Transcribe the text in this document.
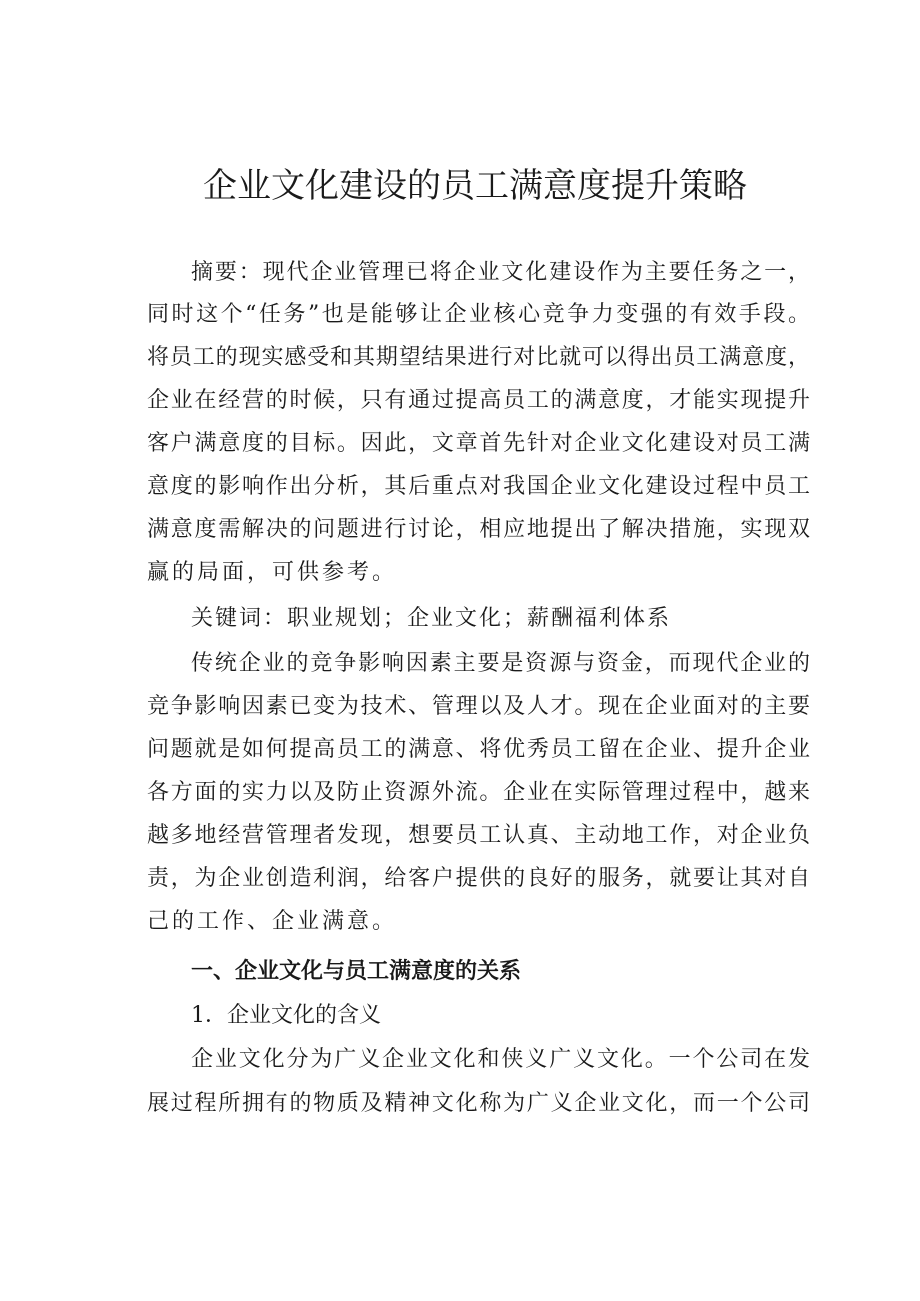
企业文化建设的员工满意度提升策略
摘要：现代企业管理已将企业文化建设作为主要任务之一，
同时这个“任务”也是能够让企业核心竞争力变强的有效手段。
将员工的现实感受和其期望结果进行对比就可以得出员工满意度，
企业在经营的时候，只有通过提高员工的满意度，才能实现提升
客户满意度的目标。因此，文章首先针对企业文化建设对员工满
意度的影响作出分析，其后重点对我国企业文化建设过程中员工
满意度需解决的问题进行讨论，相应地提出了解决措施，实现双
赢的局面，可供参考。
关键词：职业规划；企业文化；薪酬福利体系
传统企业的竞争影响因素主要是资源与资金，而现代企业的
竞争影响因素已变为技术、管理以及人才。现在企业面对的主要
问题就是如何提高员工的满意、将优秀员工留在企业、提升企业
各方面的实力以及防止资源外流。企业在实际管理过程中，越来
越多地经营管理者发现，想要员工认真、主动地工作，对企业负
责，为企业创造利润，给客户提供的良好的服务，就要让其对自
己的工作、企业满意。
一、企业文化与员工满意度的关系
1．企业文化的含义
企业文化分为广义企业文化和侠义广义文化。一个公司在发
展过程所拥有的物质及精神文化称为广义企业文化，而一个公司
